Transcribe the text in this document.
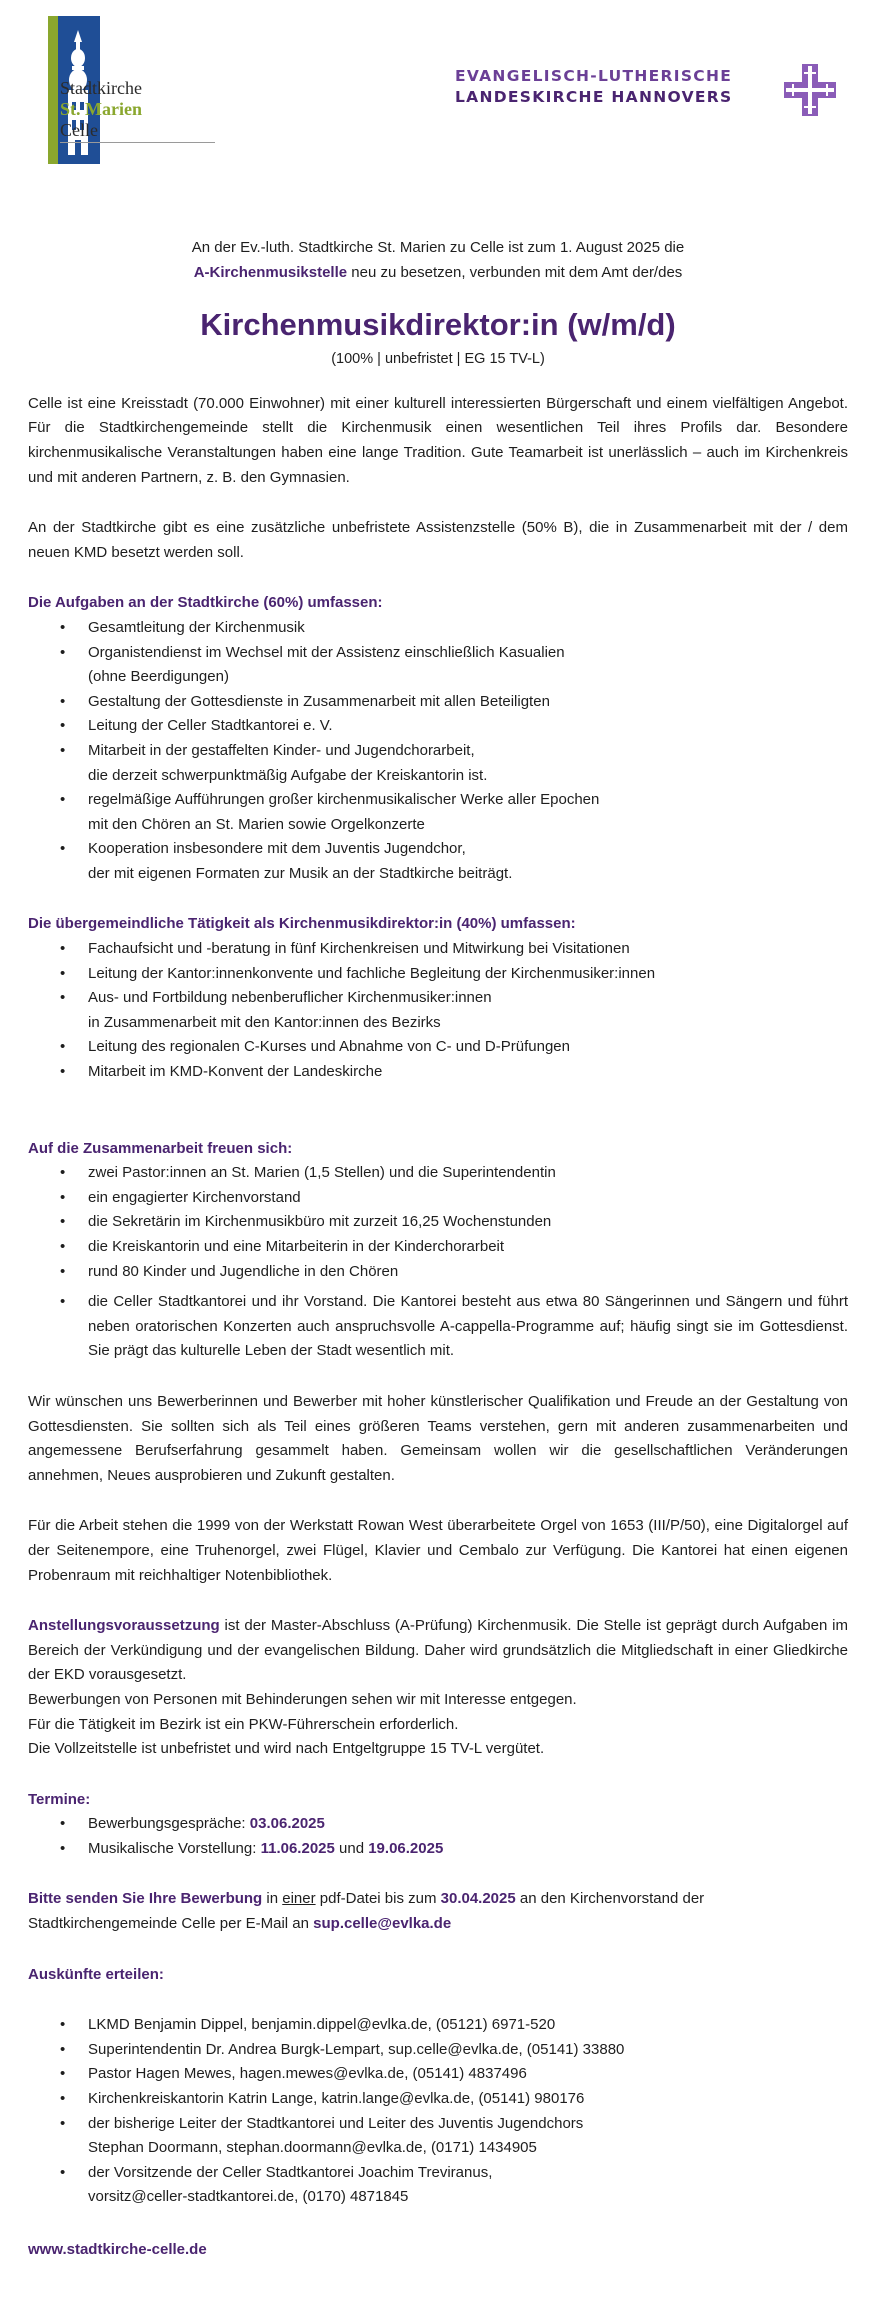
Stadtkirche
St. Marien
Celle
EVANGELISCH-LUTHERISCHE
LANDESKIRCHE HANNOVERS

An der Ev.-luth. Stadtkirche St. Marien zu Celle ist zum 1. August 2025 die

A-Kirchenmusikstelle neu zu besetzen, verbunden mit dem Amt der/des

Kirchenmusikdirektor:in (w/m/d)
(100% | unbefristet | EG 15 TV-L)

Celle ist eine Kreisstadt (70.000 Einwohner) mit einer kulturell interessierten Bürgerschaft und einem vielfältigen Angebot. Für die Stadtkirchengemeinde stellt die Kirchenmusik einen wesentlichen Teil ihres Profils dar. Besondere kirchenmusikalische Veranstaltungen haben eine lange Tradition. Gute Teamarbeit ist unerlässlich – auch im Kirchenkreis und mit anderen Partnern, z. B. den Gymnasien.

An der Stadtkirche gibt es eine zusätzliche unbefristete Assistenzstelle (50% B), die in Zusammenarbeit mit der / dem neuen KMD besetzt werden soll.

Die Aufgaben an der Stadtkirche (60%) umfassen:
• Gesamtleitung der Kirchenmusik
• Organistendienst im Wechsel mit der Assistenz einschließlich Kasualien
(ohne Beerdigungen)
• Gestaltung der Gottesdienste in Zusammenarbeit mit allen Beteiligten
• Leitung der Celler Stadtkantorei e. V.
• Mitarbeit in der gestaffelten Kinder- und Jugendchorarbeit,
die derzeit schwerpunktmäßig Aufgabe der Kreiskantorin ist.
• regelmäßige Aufführungen großer kirchenmusikalischer Werke aller Epochen
mit den Chören an St. Marien sowie Orgelkonzerte
• Kooperation insbesondere mit dem Juventis Jugendchor,
der mit eigenen Formaten zur Musik an der Stadtkirche beiträgt.
Die übergemeindliche Tätigkeit als Kirchenmusikdirektor:in (40%) umfassen:
• Fachaufsicht und -beratung in fünf Kirchenkreisen und Mitwirkung bei Visitationen
• Leitung der Kantor:innenkonvente und fachliche Begleitung der Kirchenmusiker:innen
• Aus- und Fortbildung nebenberuflicher Kirchenmusiker:innen
in Zusammenarbeit mit den Kantor:innen des Bezirks
• Leitung des regionalen C-Kurses und Abnahme von C- und D-Prüfungen
• Mitarbeit im KMD-Konvent der Landeskirche
Auf die Zusammenarbeit freuen sich:
• zwei Pastor:innen an St. Marien (1,5 Stellen) und die Superintendentin
• ein engagierter Kirchenvorstand
• die Sekretärin im Kirchenmusikbüro mit zurzeit 16,25 Wochenstunden
• die Kreiskantorin und eine Mitarbeiterin in der Kinderchorarbeit
• rund 80 Kinder und Jugendliche in den Chören
• die Celler Stadtkantorei und ihr Vorstand. Die Kantorei besteht aus etwa 80 Sängerinnen und Sängern und führt neben oratorischen Konzerten auch anspruchsvolle A-cappella-Programme auf; häufig singt sie im Gottesdienst. Sie prägt das kulturelle Leben der Stadt wesentlich mit.

Wir wünschen uns Bewerberinnen und Bewerber mit hoher künstlerischer Qualifikation und Freude an der Gestaltung von Gottesdiensten. Sie sollten sich als Teil eines größeren Teams verstehen, gern mit anderen zusammenarbeiten und angemessene Berufserfahrung gesammelt haben. Gemeinsam wollen wir die gesellschaftlichen Veränderungen annehmen, Neues ausprobieren und Zukunft gestalten.

Für die Arbeit stehen die 1999 von der Werkstatt Rowan West überarbeitete Orgel von 1653 (III/P/50), eine Digitalorgel auf der Seitenempore, eine Truhenorgel, zwei Flügel, Klavier und Cembalo zur Verfügung. Die Kantorei hat einen eigenen Probenraum mit reichhaltiger Notenbibliothek.

Anstellungsvoraussetzung ist der Master-Abschluss (A-Prüfung) Kirchenmusik. Die Stelle ist geprägt durch Aufgaben im Bereich der Verkündigung und der evangelischen Bildung. Daher wird grundsätzlich die Mitgliedschaft in einer Gliedkirche der EKD vorausgesetzt.

Bewerbungen von Personen mit Behinderungen sehen wir mit Interesse entgegen.

Für die Tätigkeit im Bezirk ist ein PKW-Führerschein erforderlich.

Die Vollzeitstelle ist unbefristet und wird nach Entgeltgruppe 15 TV-L vergütet.

Termine:
• Bewerbungsgespräche: 03.06.2025
• Musikalische Vorstellung: 11.06.2025 und 19.06.2025

Bitte senden Sie Ihre Bewerbung in einer pdf-Datei bis zum 30.04.2025 an den Kirchenvorstand der Stadtkirchengemeinde Celle per E-Mail an sup.celle@evlka.de

Auskünfte erteilen:
• LKMD Benjamin Dippel, benjamin.dippel@evlka.de, (05121) 6971-520
• Superintendentin Dr. Andrea Burgk-Lempart, sup.celle@evlka.de, (05141) 33880
• Pastor Hagen Mewes, hagen.mewes@evlka.de, (05141) 4837496
• Kirchenkreiskantorin Katrin Lange, katrin.lange@evlka.de, (05141) 980176
• der bisherige Leiter der Stadtkantorei und Leiter des Juventis Jugendchors
Stephan Doormann, stephan.doormann@evlka.de, (0171) 1434905
• der Vorsitzende der Celler Stadtkantorei Joachim Treviranus,
vorsitz@celler-stadtkantorei.de, (0170) 4871845
www.stadtkirche-celle.de
